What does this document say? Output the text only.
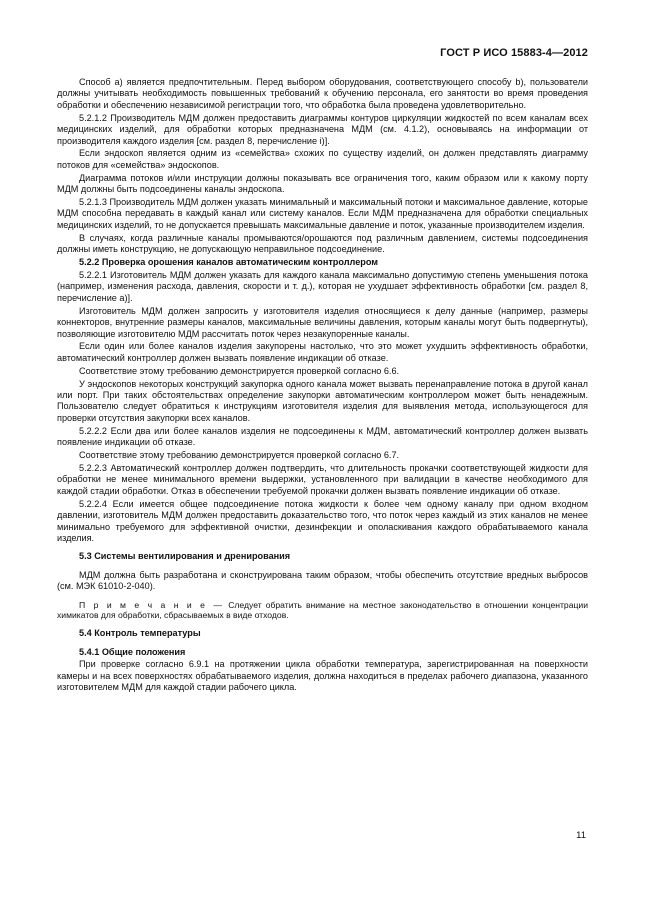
ГОСТ Р ИСО 15883-4—2012

Способ а) является предпочтительным. Перед выбором оборудования, соответствующего способу b), пользователи должны учитывать необходимость повышенных требований к обучению персонала, его занятости во время проведения обработки и обеспечению независимой регистрации того, что обработка была проведена удовлетворительно.

5.2.1.2 Производитель МДМ должен предоставить диаграммы контуров циркуляции жидкостей по всем каналам всех медицинских изделий, для обработки которых предназначена МДМ (см. 4.1.2), основываясь на информации от производителя каждого изделия [см. раздел 8, перечисление i)].

Если эндоскоп является одним из «семейства» схожих по существу изделий, он должен представлять диаграмму потоков для «семейства» эндоскопов.

Диаграмма потоков и/или инструкции должны показывать все ограничения того, каким образом или к какому порту МДМ должны быть подсоединены каналы эндоскопа.

5.2.1.3 Производитель МДМ должен указать минимальный и максимальный потоки и максимальное давление, которые МДМ способна передавать в каждый канал или систему каналов. Если МДМ предназначена для обработки специальных медицинских изделий, то не допускается превышать максимальные давление и поток, указанные производителем изделия.

В случаях, когда различные каналы промываются/орошаются под различным давлением, системы подсоединения должны иметь конструкцию, не допускающую неправильное подсоединение.

5.2.2 Проверка орошения каналов автоматическим контроллером

5.2.2.1 Изготовитель МДМ должен указать для каждого канала максимально допустимую степень уменьшения потока (например, изменения расхода, давления, скорости и т. д.), которая не ухудшает эффективность обработки [см. раздел 8, перечисление а)].

Изготовитель МДМ должен запросить у изготовителя изделия относящиеся к делу данные (например, размеры коннекторов, внутренние размеры каналов, максимальные величины давления, которым каналы могут быть подвергнуты), позволяющие изготовителю МДМ рассчитать поток через незакупоренные каналы.

Если один или более каналов изделия закупорены настолько, что это может ухудшить эффективность обработки, автоматический контроллер должен вызвать появление индикации об отказе.

Соответствие этому требованию демонстрируется проверкой согласно 6.6.

У эндоскопов некоторых конструкций закупорка одного канала может вызвать перенаправление потока в другой канал или порт. При таких обстоятельствах определение закупорки автоматическим контроллером может быть ненадежным. Пользователю следует обратиться к инструкциям изготовителя изделия для выявления метода, использующегося для проверки отсутствия закупорки всех каналов.

5.2.2.2 Если два или более каналов изделия не подсоединены к МДМ, автоматический контроллер должен вызвать появление индикации об отказе.

Соответствие этому требованию демонстрируется проверкой согласно 6.7.

5.2.2.3 Автоматический контроллер должен подтвердить, что длительность прокачки соответствующей жидкости для обработки не менее минимального времени выдержки, установленного при валидации в качестве необходимого для каждой стадии обработки. Отказ в обеспечении требуемой прокачки должен вызвать появление индикации об отказе.

5.2.2.4 Если имеется общее подсоединение потока жидкости к более чем одному каналу при одном входном давлении, изготовитель МДМ должен предоставить доказательство того, что поток через каждый из этих каналов не менее минимально требуемого для эффективной очистки, дезинфекции и ополаскивания каждого обрабатываемого канала изделия.

5.3 Системы вентилирования и дренирования

МДМ должна быть разработана и сконструирована таким образом, чтобы обеспечить отсутствие вредных выбросов (см. МЭК 61010-2-040).

П р и м е ч а н и е — Следует обратить внимание на местное законодательство в отношении концентрации химикатов для обработки, сбрасываемых в виде отходов.

5.4 Контроль температуры

5.4.1 Общие положения

При проверке согласно 6.9.1 на протяжении цикла обработки температура, зарегистрированная на поверхности камеры и на всех поверхностях обрабатываемого изделия, должна находиться в пределах рабочего диапазона, указанного изготовителем МДМ для каждой стадии рабочего цикла.

11
